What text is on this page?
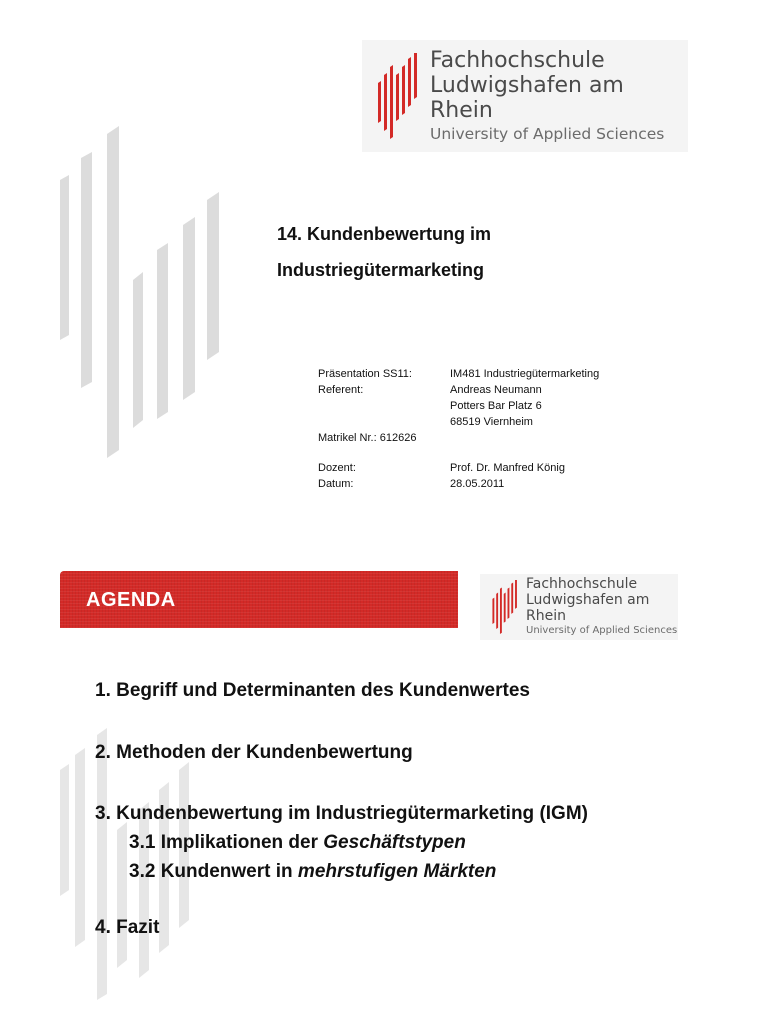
Fachhochschule
Ludwigshafen am Rhein
University of Applied Sciences
14. Kundenbewertung im
Industriegütermarketing
Präsentation SS11:	IM481 Industriegütermarketing
Referent:	Andreas Neumann
Potters Bar Platz 6
68519 Viernheim
Matrikel Nr.: 612626
Dozent:	Prof. Dr. Manfred König
Datum:	28.05.2011
AGENDA
Fachhochschule
Ludwigshafen am Rhein
University of Applied Sciences
1. Begriff und Determinanten des Kundenwertes
2. Methoden der Kundenbewertung
3. Kundenbewertung im Industriegütermarketing (IGM)
3.1 Implikationen der Geschäftstypen
3.2 Kundenwert in mehrstufigen Märkten
4. Fazit
